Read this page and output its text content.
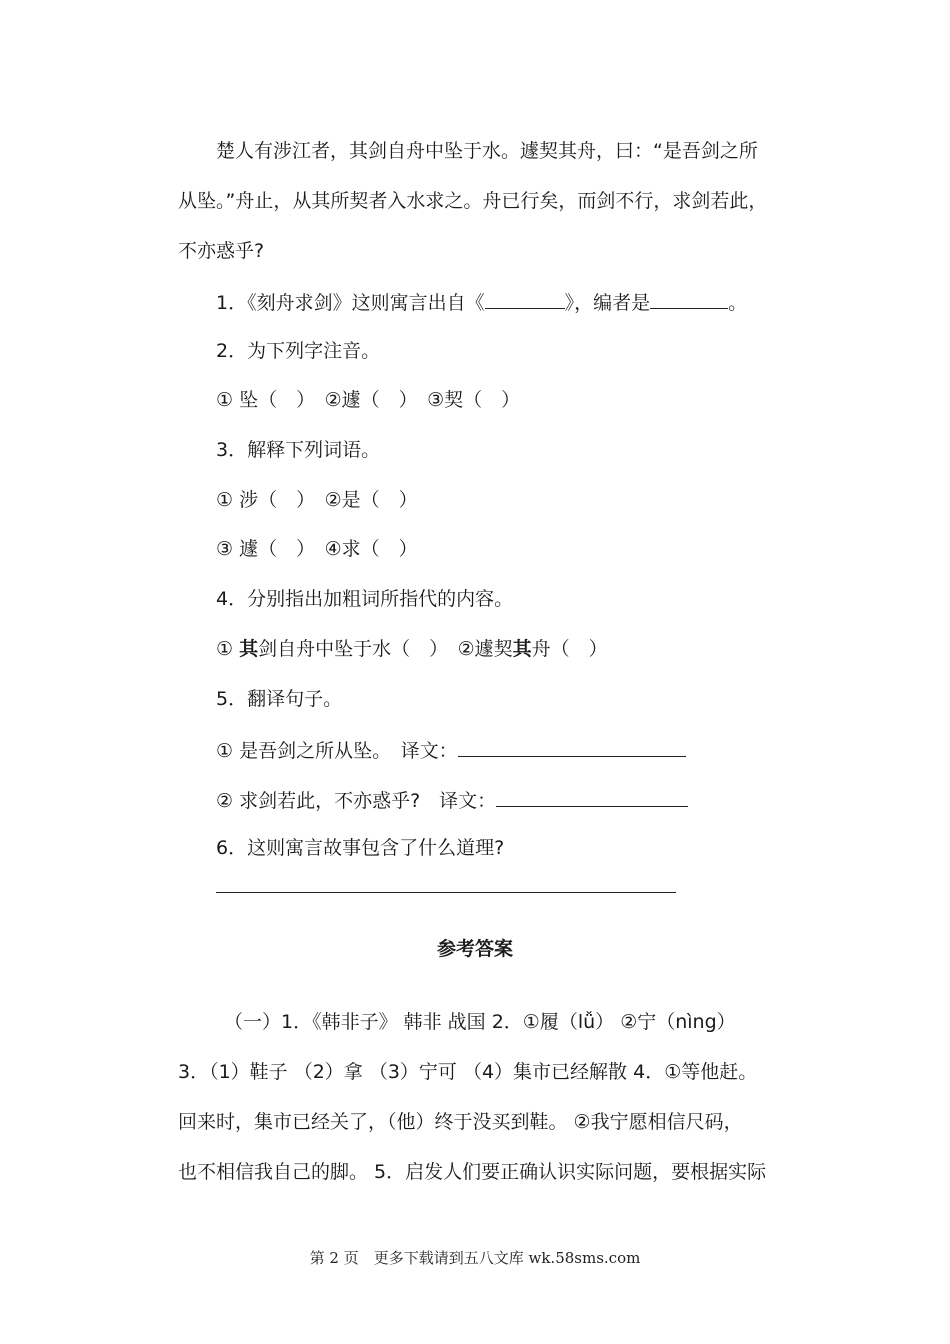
楚人有涉江者，其剑自舟中坠于水。遽契其舟，曰：“是吾剑之所
从坠。”舟止，从其所契者入水求之。舟已行矣，而剑不行，求剑若此，
不亦惑乎?
1．《刻舟求剑》这则寓言出自《	》，编者是	。
2．为下列字注音。
① 坠（　）　②遽（　）　③契（　）
3．解释下列词语。
① 涉（　）　②是（　）
③ 遽（　）　④求（　）
4．分别指出加粗词所指代的内容。
① 其剑自舟中坠于水（　）　②遽契其舟（　）
5．翻译句子。
① 是吾剑之所从坠。　译文：
② 求剑若此，不亦惑乎?　译文：
6．这则寓言故事包含了什么道理?
参考答案
（一）1．《韩非子》 韩非 战国 2．①履（lǚ） ②宁（nìng）
3．（1）鞋子 （2）拿 （3）宁可 （4）集市已经解散 4．①等他赶。
回来时，集市已经关了，（他）终于没买到鞋。 ②我宁愿相信尺码，
也不相信我自己的脚。 5．启发人们要正确认识实际问题，要根据实际
第 2 页　更多下载请到五八文库 wk.58sms.com
